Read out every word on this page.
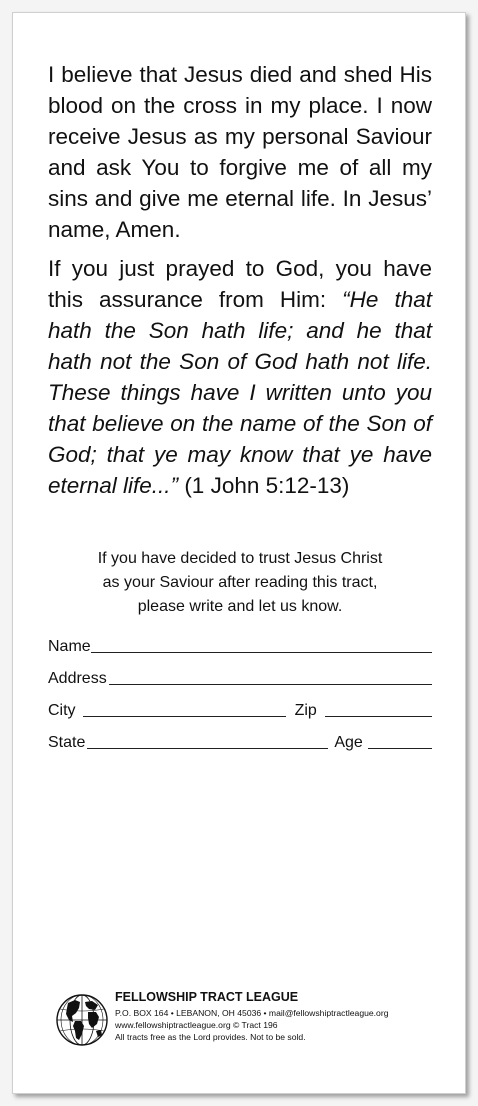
I believe that Jesus died and shed His blood on the cross in my place. I now receive Jesus as my personal Saviour and ask You to forgive me of all my sins and give me eternal life. In Jesus’ name, Amen.

If you just prayed to God, you have this assurance from Him: “He that hath the Son hath life; and he that hath not the Son of God hath not life. These things have I written unto you that believe on the name of the Son of God; that ye may know that ye have eternal life...” (1 John 5:12-13)

If you have decided to trust Jesus Christ
as your Saviour after reading this tract,
please write and let us know.

Name
Address
City	Zip
State	Age
FELLOWSHIP TRACT LEAGUE
P.O. BOX 164 • LEBANON, OH 45036 • mail@fellowshiptractleague.org
www.fellowshiptractleague.org © Tract 196
All tracts free as the Lord provides. Not to be sold.
